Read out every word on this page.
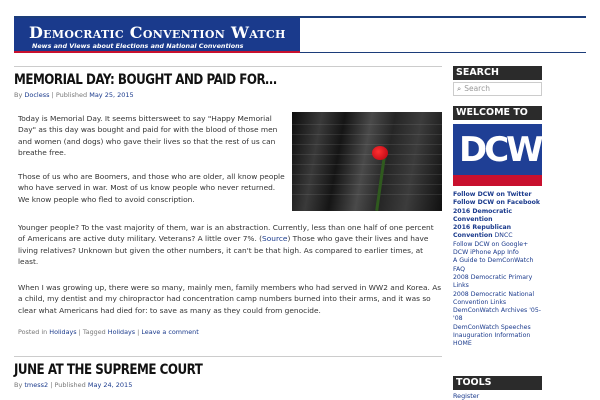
Democratic Convention Watch
News and Views about Elections and National Conventions
MEMORIAL DAY: BOUGHT AND PAID FOR…
By Docless | Published May 25, 2015
Today is Memorial Day. It seems bittersweet to say "Happy Memorial Day" as this day was bought and paid for with the blood of those men and women (and dogs) who gave their lives so that the rest of us can breathe free.
Those of us who are Boomers, and those who are older, all know people who have served in war. Most of us know people who never returned. We know people who fled to avoid conscription.
Younger people? To the vast majority of them, war is an abstraction. Currently, less than one half of one percent of Americans are active duty military. Veterans? A little over 7%. (Source) Those who gave their lives and have living relatives? Unknown but given the other numbers, it can't be that high. As compared to earlier times, at least.
When I was growing up, there were so many, mainly men, family members who had served in WW2 and Korea. As a child, my dentist and my chiropractor had concentration camp numbers burned into their arms, and it was so clear what Americans had died for: to save as many as they could from genocide.
Posted in Holidays | Tagged Holidays | Leave a comment
JUNE AT THE SUPREME COURT
By tmess2 | Published May 24, 2015
SEARCH
⌕ Search
WELCOME TO
DCW
Follow DCW on Twitter
Follow DCW on Facebook
2016 Democratic Convention
2016 Republican Convention DNCC
Follow DCW on Google+
DCW iPhone App Info
A Guide to DemConWatch
FAQ
2008 Democratic Primary Links
2008 Democratic National Convention Links
DemConWatch Archives '05-'08
DemConWatch Speeches
Inauguration Information
HOME
TOOLS
Register
